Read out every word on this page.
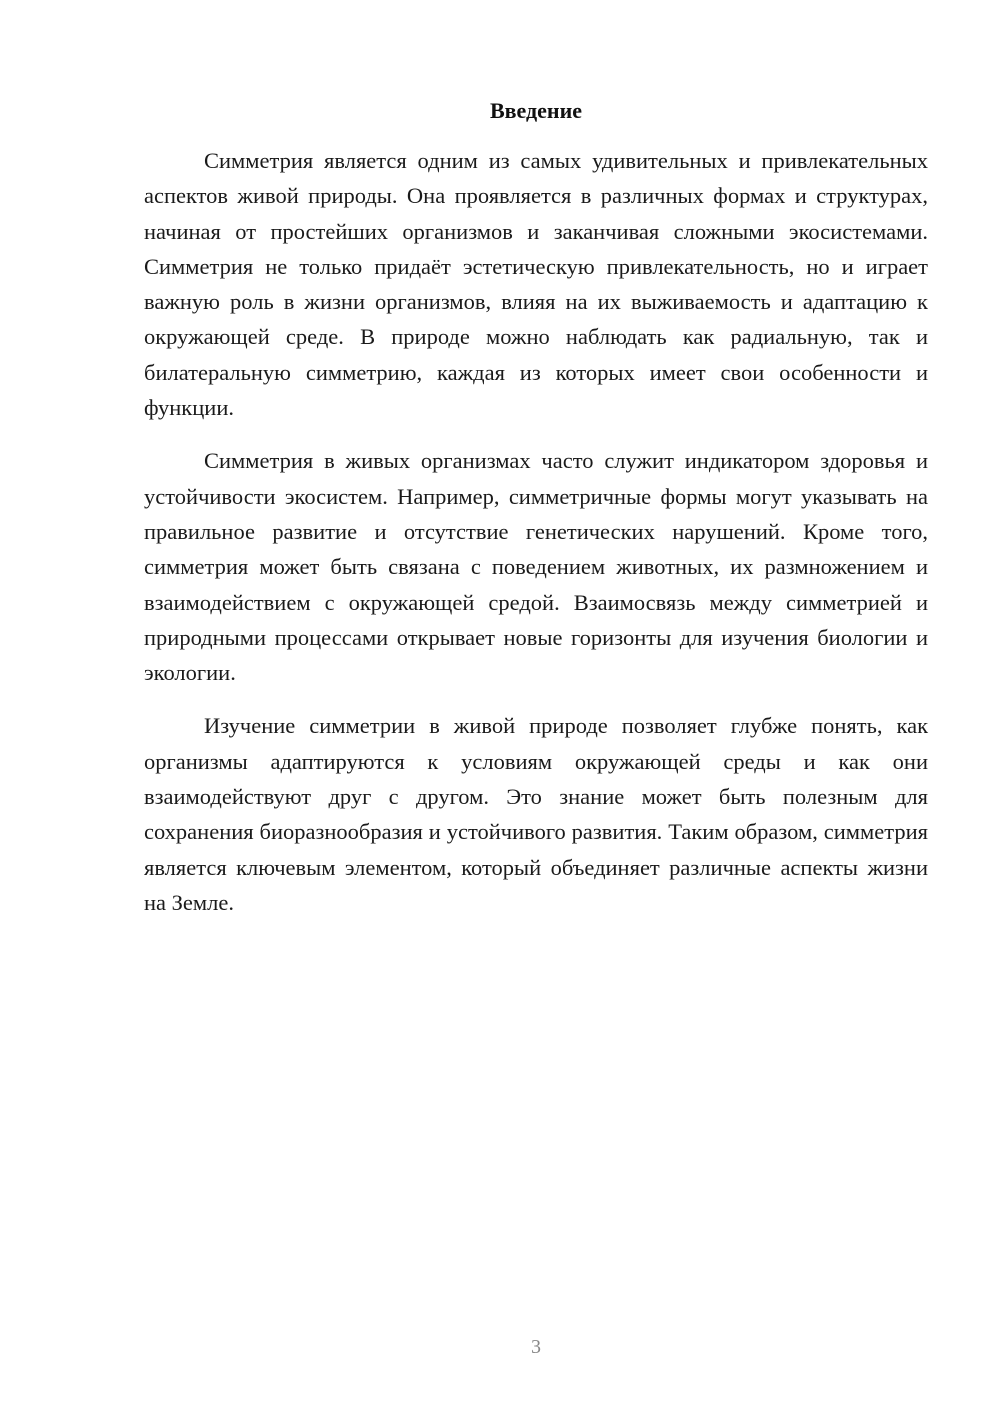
Введение

Симметрия является одним из самых удивительных и привлекательных аспектов живой природы. Она проявляется в различных формах и структурах, начиная от простейших организмов и заканчивая сложными экосистемами. Симметрия не только придаёт эстетическую привлекательность, но и играет важную роль в жизни организмов, влияя на их выживаемость и адаптацию к окружающей среде. В природе можно наблюдать как радиальную, так и билатеральную симметрию, каждая из которых имеет свои особенности и функции.

Симметрия в живых организмах часто служит индикатором здоровья и устойчивости экосистем. Например, симметричные формы могут указывать на правильное развитие и отсутствие генетических нарушений. Кроме того, симметрия может быть связана с поведением животных, их размножением и взаимодействием с окружающей средой. Взаимосвязь между симметрией и природными процессами открывает новые горизонты для изучения биологии и экологии.

Изучение симметрии в живой природе позволяет глубже понять, как организмы адаптируются к условиям окружающей среды и как они взаимодействуют друг с другом. Это знание может быть полезным для сохранения биоразнообразия и устойчивого развития. Таким образом, симметрия является ключевым элементом, который объединяет различные аспекты жизни на Земле.

3
